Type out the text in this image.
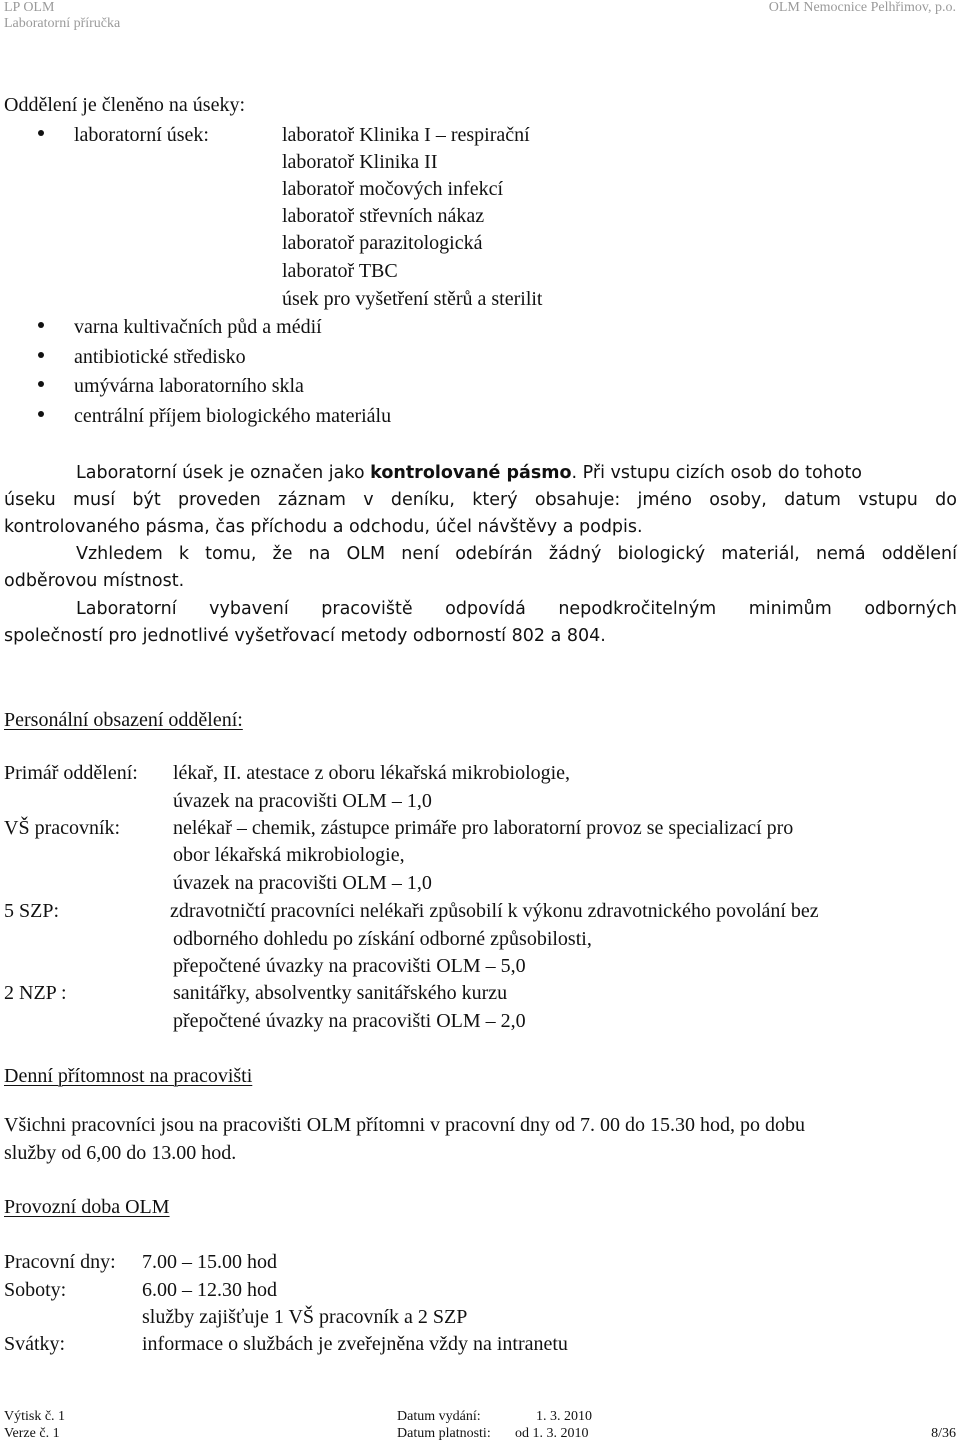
LP OLM
Laboratorní příručka
OLM Nemocnice Pelhřimov, p.o.
Oddělení je členěno na úseky:
laboratorní úsek:	laboratoř Klinika I – respirační
laboratoř Klinika II
laboratoř močových infekcí
laboratoř střevních nákaz
laboratoř parazitologická
laboratoř TBC
úsek pro vyšetření stěrů a sterilit
varna kultivačních půd a médií
antibiotické středisko
umývárna laboratorního skla
centrální příjem biologického materiálu
Laboratorní úsek je označen jako kontrolované pásmo. Při vstupu cizích osob do tohoto
úseku musí být proveden záznam v deníku, který obsahuje: jméno osoby, datum vstupu do
kontrolovaného pásma, čas příchodu a odchodu, účel návštěvy a podpis.
Vzhledem k tomu, že na OLM není odebírán žádný biologický materiál, nemá oddělení
odběrovou místnost.
Laboratorní vybavení pracoviště odpovídá nepodkročitelným minimům odborných
společností pro jednotlivé vyšetřovací metody odborností 802 a 804.
Personální obsazení oddělení:
Primář oddělení: lékař, II. atestace z oboru lékařská mikrobiologie,
úvazek na pracovišti OLM – 1,0
VŠ pracovník:	nelékař – chemik, zástupce primáře pro laboratorní provoz se specializací pro
obor lékařská mikrobiologie,
úvazek na pracovišti OLM – 1,0
5 SZP:	zdravotničtí pracovníci nelékaři způsobilí k výkonu zdravotnického povolání bez
odborného dohledu po získání odborné způsobilosti,
přepočtené úvazky na pracovišti OLM – 5,0
2 NZP :	sanitářky, absolventky sanitářského kurzu
přepočtené úvazky na pracovišti OLM – 2,0
Denní přítomnost na pracovišti
Všichni pracovníci jsou na pracovišti OLM přítomni v pracovní dny od 7. 00 do 15.30 hod, po dobu
služby od 6,00 do 13.00 hod.
Provozní doba OLM
Pracovní dny: 7.00 – 15.00 hod
Soboty:	6.00 – 12.30 hod
služby zajišťuje 1 VŠ pracovník a 2 SZP
Svátky:	informace o službách je zveřejněna vždy na intranetu
Výtisk č. 1
Verze č. 1
Datum vydání:	1. 3. 2010
Datum platnosti: od 1. 3. 2010	8/36
